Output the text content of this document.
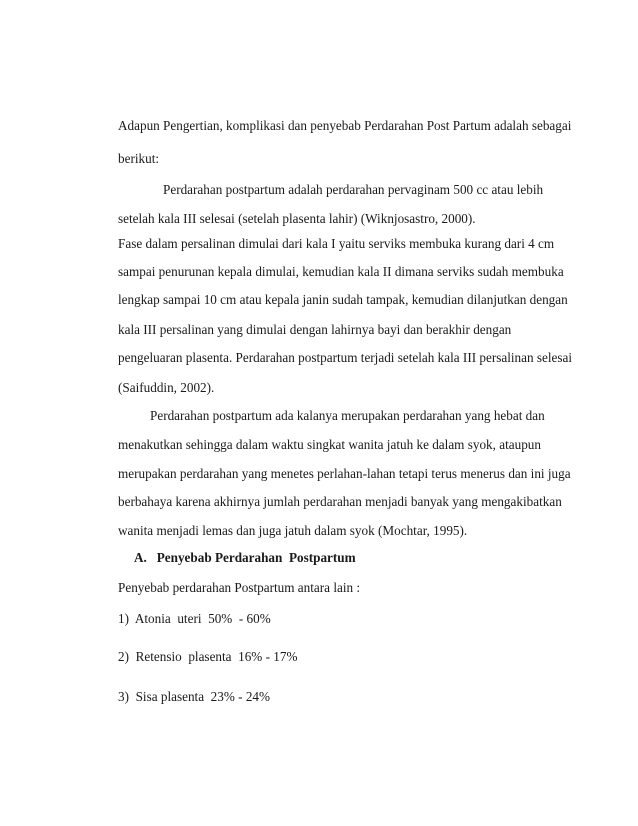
Adapun Pengertian, komplikasi dan penyebab Perdarahan Post Partum adalah sebagai
berikut:
Perdarahan postpartum adalah perdarahan pervaginam 500 cc atau lebih
setelah kala III selesai (setelah plasenta lahir) (Wiknjosastro, 2000).
Fase dalam persalinan dimulai dari kala I yaitu serviks membuka kurang dari 4 cm
sampai penurunan kepala dimulai, kemudian kala II dimana serviks sudah membuka
lengkap sampai 10 cm atau kepala janin sudah tampak, kemudian dilanjutkan dengan
kala III persalinan yang dimulai dengan lahirnya bayi dan berakhir dengan
pengeluaran plasenta. Perdarahan postpartum terjadi setelah kala III persalinan selesai
(Saifuddin, 2002).
Perdarahan postpartum ada kalanya merupakan perdarahan yang hebat dan
menakutkan sehingga dalam waktu singkat wanita jatuh ke dalam syok, ataupun
merupakan perdarahan yang menetes perlahan-lahan tetapi terus menerus dan ini juga
berbahaya karena akhirnya jumlah perdarahan menjadi banyak yang mengakibatkan
wanita menjadi lemas dan juga jatuh dalam syok (Mochtar, 1995).
A.   Penyebab Perdarahan  Postpartum
Penyebab perdarahan Postpartum antara lain :
1)  Atonia  uteri  50%  - 60%
2)  Retensio  plasenta  16% - 17%
3)  Sisa plasenta  23% - 24%
